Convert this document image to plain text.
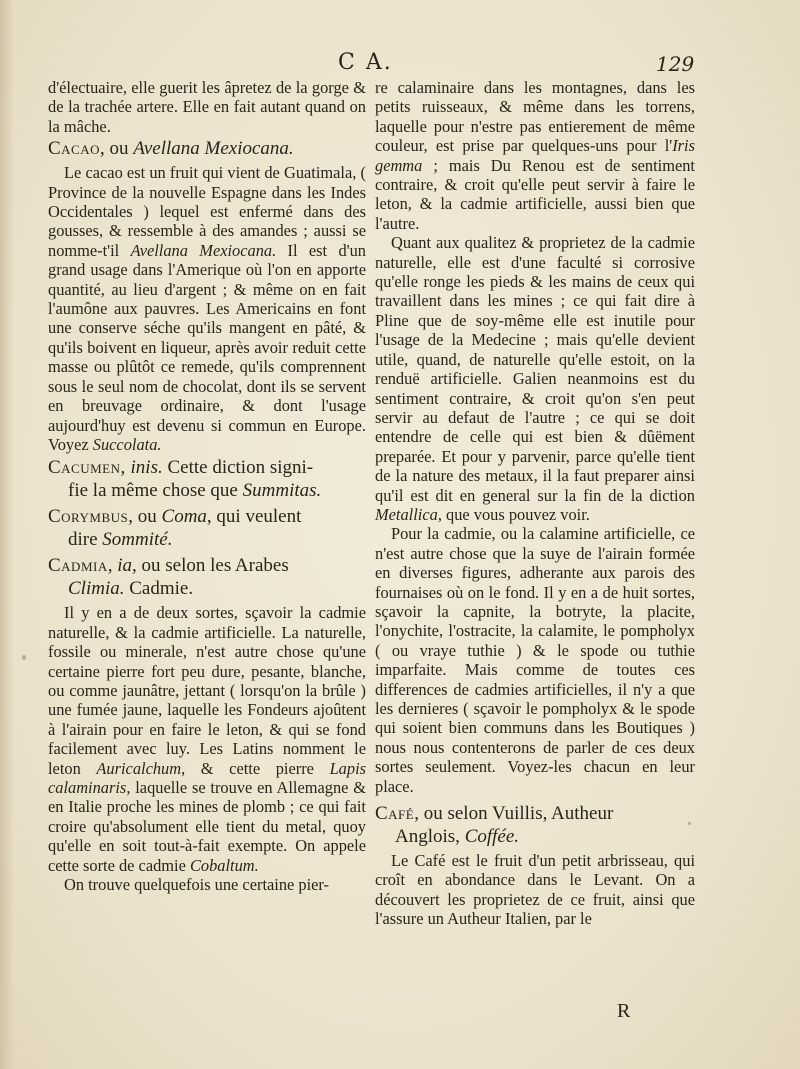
C A.	129

d'électuaire, elle guerit les âpretez de la gorge & de la trachée artere. Elle en fait autant quand on la mâche.

Cacao, ou Avellana Mexiocana.

Le cacao est un fruit qui vient de Guatimala, ( Province de la nouvelle Espagne dans les Indes Occidentales ) lequel est enfermé dans des gousses, & ressemble à des amandes ; aussi se nomme-t'il Avellana Mexiocana. Il est d'un grand usage dans l'Amerique où l'on en apporte quantité, au lieu d'argent ; & même on en fait l'aumône aux pauvres. Les Americains en font une conserve séche qu'ils mangent en pâté, & qu'ils boivent en liqueur, après avoir reduit cette masse ou plûtôt ce remede, qu'ils comprennent sous le seul nom de chocolat, dont ils se servent en breuvage ordinaire, & dont l'usage aujourd'huy est devenu si commun en Europe. Voyez Succolata.

Cacumen, inis. Cette diction signi-
fie la même chose que Summitas.
Corymbus, ou Coma, qui veulent
dire Sommité.
Cadmia, ia, ou selon les Arabes
Climia. Cadmie.

Il y en a de deux sortes, sçavoir la cadmie naturelle, & la cadmie artificielle. La naturelle, fossile ou minerale, n'est autre chose qu'une certaine pierre fort peu dure, pesante, blanche, ou comme jaunâtre, jettant ( lorsqu'on la brûle ) une fumée jaune, laquelle les Fondeurs ajoûtent à l'airain pour en faire le leton, & qui se fond facilement avec luy. Les Latins nomment le leton Auricalchum, & cette pierre Lapis calaminaris, laquelle se trouve en Allemagne & en Italie proche les mines de plomb ; ce qui fait croire qu'absolument elle tient du metal, quoy qu'elle en soit tout-à-fait exempte. On appele cette sorte de cadmie Cobaltum.

On trouve quelquefois une certaine pier-

re calaminaire dans les montagnes, dans les petits ruisseaux, & même dans les torrens, laquelle pour n'estre pas entierement de même couleur, est prise par quelques-uns pour l'Iris gemma ; mais Du Renou est de sentiment contraire, & croit qu'elle peut servir à faire le leton, & la cadmie artificielle, aussi bien que l'autre.

Quant aux qualitez & proprietez de la cadmie naturelle, elle est d'une faculté si corrosive qu'elle ronge les pieds & les mains de ceux qui travaillent dans les mines ; ce qui fait dire à Pline que de soy-même elle est inutile pour l'usage de la Medecine ; mais qu'elle devient utile, quand, de naturelle qu'elle estoit, on la renduë artificielle. Galien neanmoins est du sentiment contraire, & croit qu'on s'en peut servir au defaut de l'autre ; ce qui se doit entendre de celle qui est bien & dûëment preparée. Et pour y parvenir, parce qu'elle tient de la nature des metaux, il la faut preparer ainsi qu'il est dit en general sur la fin de la diction Metallica, que vous pouvez voir.

Pour la cadmie, ou la calamine artificielle, ce n'est autre chose que la suye de l'airain formée en diverses figures, adherante aux parois des fournaises où on le fond. Il y en a de huit sortes, sçavoir la capnite, la botryte, la placite, l'onychite, l'ostracite, la calamite, le pompholyx ( ou vraye tuthie ) & le spode ou tuthie imparfaite. Mais comme de toutes ces differences de cadmies artificielles, il n'y a que les dernieres ( sçavoir le pompholyx & le spode qui soient bien communs dans les Boutiques ) nous nous contenterons de parler de ces deux sortes seulement. Voyez-les chacun en leur place.

Café, ou selon Vuillis, Autheur
Anglois, Coffée.

Le Café est le fruit d'un petit arbrisseau, qui croît en abondance dans le Levant. On a découvert les proprietez de ce fruit, ainsi que l'assure un Autheur Italien, par le

R
